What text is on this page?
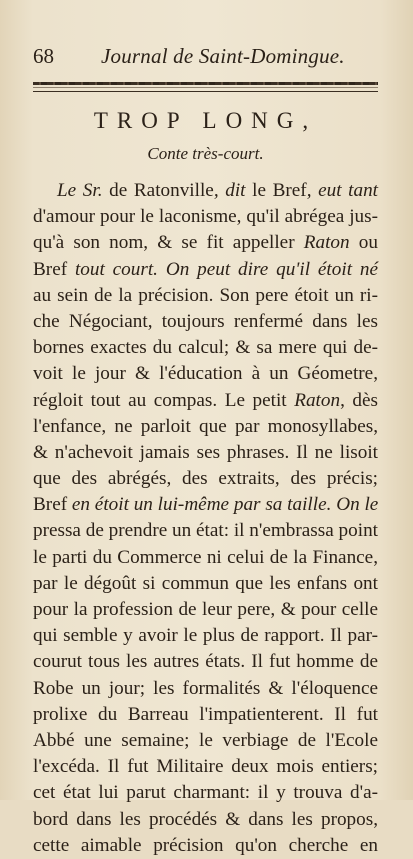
68 Journal de Saint-Domingue.
TROP LONG,
Conte très-court.
Le Sr. de Ratonville, dit le Bref, eut tant
d'amour pour le laconisme, qu'il abrégea jus-
qu'à son nom, & se fit appeller Raton ou
Bref tout court. On peut dire qu'il étoit né
au sein de la précision. Son pere étoit un ri-
che Négociant, toujours renfermé dans les
bornes exactes du calcul; & sa mere qui de-
voit le jour & l'éducation à un Géometre,
régloit tout au compas. Le petit Raton, dès
l'enfance, ne parloit que par monosyllabes,
& n'achevoit jamais ses phrases. Il ne lisoit
que des abrégés, des extraits, des précis;
Bref en étoit un lui-même par sa taille. On le
pressa de prendre un état: il n'embrassa point
le parti du Commerce ni celui de la Finance,
par le dégoût si commun que les enfans ont
pour la profession de leur pere, & pour celle
qui semble y avoir le plus de rapport. Il par-
courut tous les autres états. Il fut homme de
Robe un jour; les formalités & l'éloquence
prolixe du Barreau l'impatienterent. Il fut
Abbé une semaine; le verbiage de l'Ecole
l'excéda. Il fut Militaire deux mois entiers;
cet état lui parut charmant: il y trouva d'a-
bord dans les procédés & dans les propos,
cette aimable précision qu'on cherche en
